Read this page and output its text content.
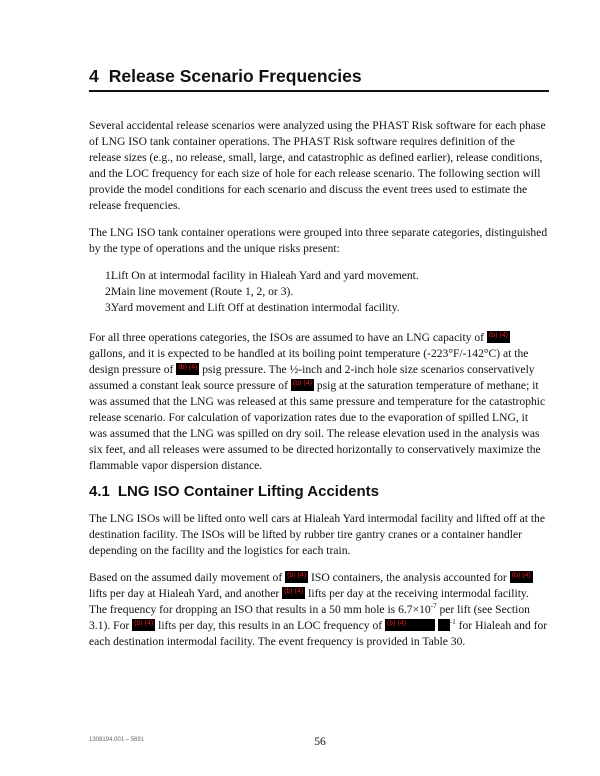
4 Release Scenario Frequencies

Several accidental release scenarios were analyzed using the PHAST Risk software for each phase of LNG ISO tank container operations. The PHAST Risk software requires definition of the release sizes (e.g., no release, small, large, and catastrophic as defined earlier), release conditions, and the LOC frequency for each size of hole for each release scenario. The following section will provide the model conditions for each scenario and discuss the event trees used to estimate the release frequencies.

The LNG ISO tank container operations were grouped into three separate categories, distinguished by the type of operations and the unique risks present:

1 Lift On at intermodal facility in Hialeah Yard and yard movement.
2 Main line movement (Route 1, 2, or 3).
3 Yard movement and Lift Off at destination intermodal facility.

For all three operations categories, the ISOs are assumed to have an LNG capacity of (b) (4) gallons, and it is expected to be handled at its boiling point temperature (-223°F/-142°C) at the design pressure of (b) (4) psig pressure. The ½-inch and 2-inch hole size scenarios conservatively assumed a constant leak source pressure of (b) (4) psig at the saturation temperature of methane; it was assumed that the LNG was released at this same pressure and temperature for the catastrophic release scenario. For calculation of vaporization rates due to the evaporation of spilled LNG, it was assumed that the LNG was spilled on dry soil. The release elevation used in the analysis was six feet, and all releases were assumed to be directed horizontally to conservatively maximize the flammable vapor dispersion distance.

4.1 LNG ISO Container Lifting Accidents

The LNG ISOs will be lifted onto well cars at Hialeah Yard intermodal facility and lifted off at the destination facility. The ISOs will be lifted by rubber tire gantry cranes or a container handler depending on the facility and the logistics for each train.

Based on the assumed daily movement of (b) (4) ISO containers, the analysis accounted for (b) (4) lifts per day at Hialeah Yard, and another (b) (4) lifts per day at the receiving intermodal facility. The frequency for dropping an ISO that results in a 50 mm hole is $6.7\times 10^{-7}$ per lift (see Section 3.1). For (b) (4) lifts per day, this results in an LOC frequency of (b) (4)	$^{-1}$ for Hialeah and for each destination intermodal facility. The event frequency is provided in Table 30.

1308194.001 – 5691	56
